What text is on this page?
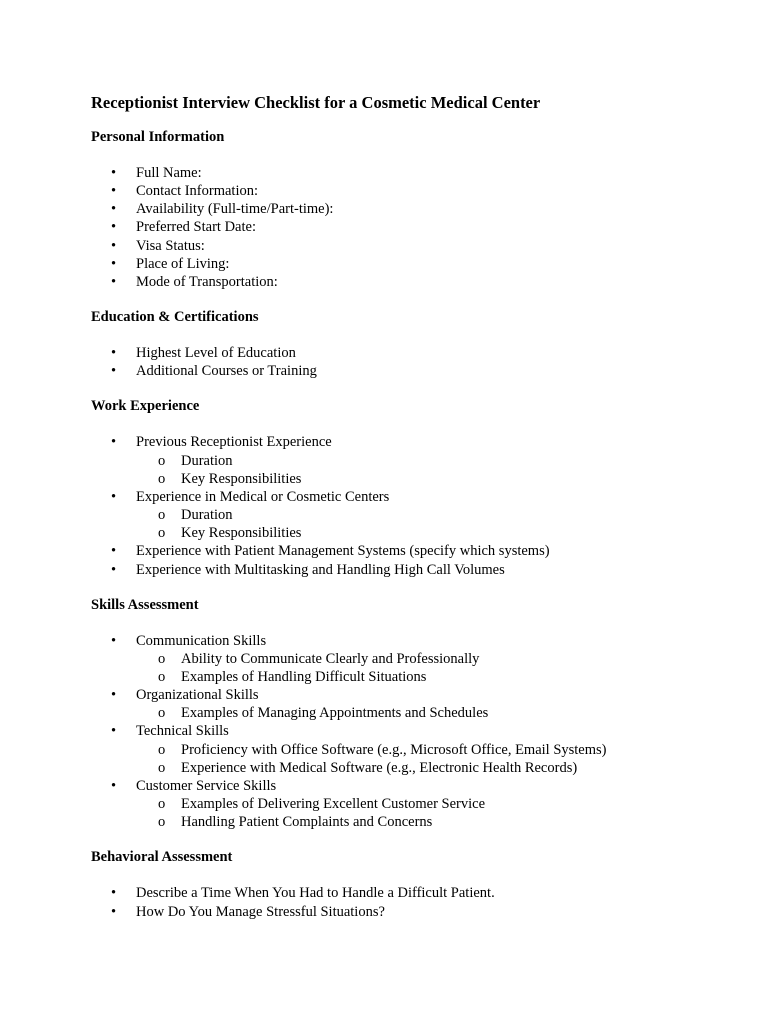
Receptionist Interview Checklist for a Cosmetic Medical Center
Personal Information
• Full Name:
• Contact Information:
• Availability (Full-time/Part-time):
• Preferred Start Date:
• Visa Status:
• Place of Living:
• Mode of Transportation:
Education & Certifications
• Highest Level of Education
• Additional Courses or Training
Work Experience
• Previous Receptionist Experience
o Duration
o Key Responsibilities
• Experience in Medical or Cosmetic Centers
o Duration
o Key Responsibilities
• Experience with Patient Management Systems (specify which systems)
• Experience with Multitasking and Handling High Call Volumes
Skills Assessment
• Communication Skills
o Ability to Communicate Clearly and Professionally
o Examples of Handling Difficult Situations
• Organizational Skills
o Examples of Managing Appointments and Schedules
• Technical Skills
o Proficiency with Office Software (e.g., Microsoft Office, Email Systems)
o Experience with Medical Software (e.g., Electronic Health Records)
• Customer Service Skills
o Examples of Delivering Excellent Customer Service
o Handling Patient Complaints and Concerns
Behavioral Assessment
• Describe a Time When You Had to Handle a Difficult Patient.
• How Do You Manage Stressful Situations?
